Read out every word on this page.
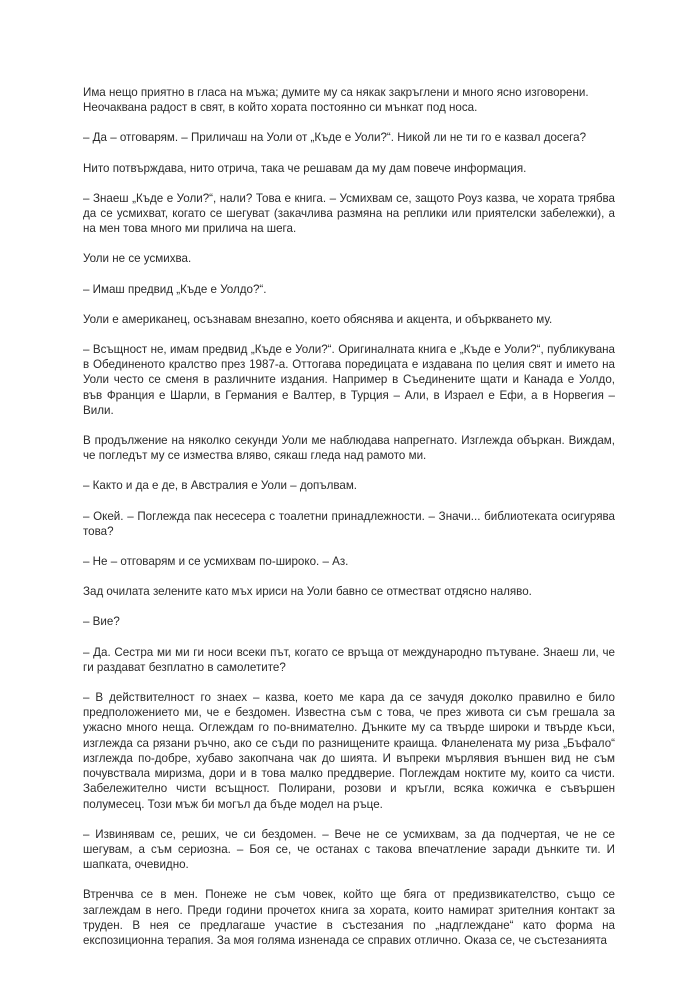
Има нещо приятно в гласа на мъжа; думите му са някак закръглени и много ясно изговорени. Неочаквана радост в свят, в който хората постоянно си мънкат под носа.

– Да – отговарям. – Приличаш на Уоли от „Къде е Уоли?“. Никой ли не ти го е казвал досега?

Нито потвърждава, нито отрича, така че решавам да му дам повече информация.

– Знаеш „Къде е Уоли?“, нали? Това е книга. – Усмихвам се, защото Роуз казва, че хората трябва да се усмихват, когато се шегуват (закачлива размяна на реплики или приятелски забележки), а на мен това много ми прилича на шега.

Уоли не се усмихва.

– Имаш предвид „Къде е Уолдо?“.

Уоли е американец, осъзнавам внезапно, което обяснява и акцента, и объркването му.

– Всъщност не, имам предвид „Къде е Уоли?“. Оригиналната книга е „Къде е Уоли?“, публикувана в Обединеното кралство през 1987-а. Оттогава поредицата е издавана по целия свят и името на Уоли често се сменя в различните издания. Например в Съединените щати и Канада е Уолдо, във Франция е Шарли, в Германия е Валтер, в Турция – Али, в Израел е Ефи, а в Норвегия – Вили.

В продължение на няколко секунди Уоли ме наблюдава напрегнато. Изглежда объркан. Виждам, че погледът му се измества вляво, сякаш гледа над рамото ми.

– Както и да е де, в Австралия е Уоли – допълвам.

– Окей. – Поглежда пак несесера с тоалетни принадлежности. – Значи... библиотеката осигурява това?

– Не – отговарям и се усмихвам по-широко. – Аз.

Зад очилата зелените като мъх ириси на Уоли бавно се отместват отдясно наляво.

– Вие?

– Да. Сестра ми ми ги носи всеки път, когато се връща от международно пътуване. Знаеш ли, че ги раздават безплатно в самолетите?

– В действителност го знаех – казва, което ме кара да се зачудя доколко правилно е било предположението ми, че е бездомен. Известна съм с това, че през живота си съм грешала за ужасно много неща. Оглеждам го по-внимателно. Дънките му са твърде широки и твърде къси, изглежда са рязани ръчно, ако се съди по разнищените краища. Фланелената му риза „Бъфало“ изглежда по-добре, хубаво закопчана чак до шията. И въпреки мърлявия външен вид не съм почувствала миризма, дори и в това малко преддверие. Поглеждам ноктите му, които са чисти. Забележително чисти всъщност. Полирани, розови и кръгли, всяка кожичка е съвършен полумесец. Този мъж би могъл да бъде модел на ръце.

– Извинявам се, реших, че си бездомен. – Вече не се усмихвам, за да подчертая, че не се шегувам, а съм сериозна. – Боя се, че останах с такова впечатление заради дънките ти. И шапката, очевидно.

Втренчва се в мен. Понеже не съм човек, който ще бяга от предизвикателство, също се заглеждам в него. Преди години прочетох книга за хората, които намират зрителния контакт за труден. В нея се предлагаше участие в състезания по „надглеждане“ като форма на експозиционна терапия. За моя голяма изненада се справих отлично. Оказа се, че състезанията
